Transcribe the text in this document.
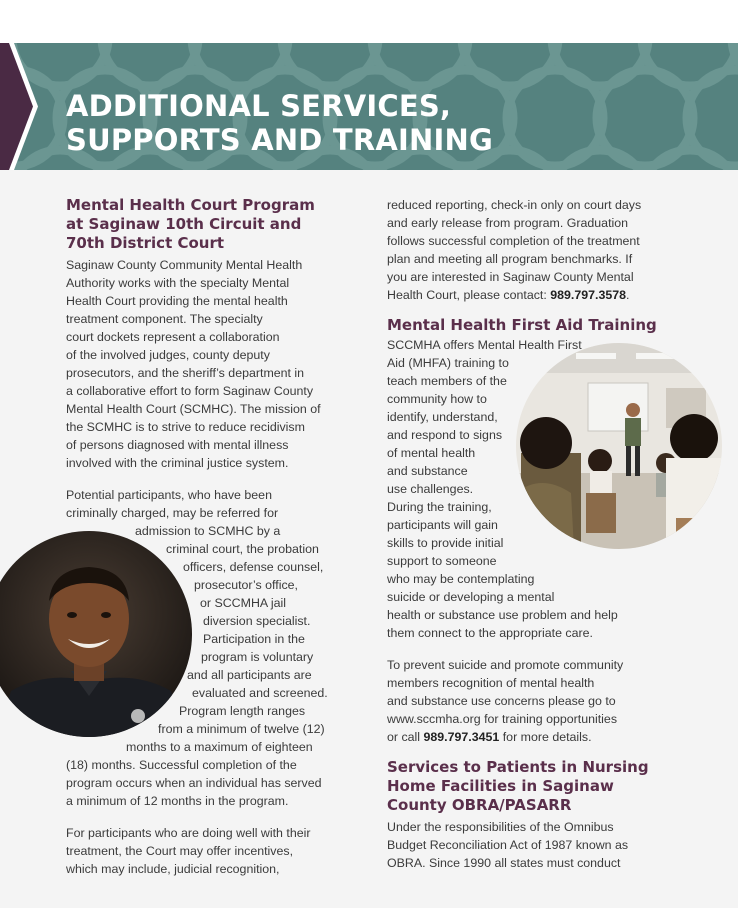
ADDITIONAL SERVICES,
SUPPORTS AND TRAINING
Mental Health Court Program
at Saginaw 10th Circuit and
70th District Court

Saginaw County Community Mental Health
Authority works with the specialty Mental
Health Court providing the mental health
treatment component. The specialty
court dockets represent a collaboration
of the involved judges, county deputy
prosecutors, and the sheriff’s department in
a collaborative effort to form Saginaw County
Mental Health Court (SCMHC). The mission of
the SCMHC is to strive to reduce recidivism
of persons diagnosed with mental illness
involved with the criminal justice system.

Potential participants, who have been
criminally charged, may be referred for
admission to SCMHC by a
criminal court, the probation
officers, defense counsel,
prosecutor’s office,
or SCCMHA jail
diversion specialist.
Participation in the
program is voluntary
and all participants are
evaluated and screened.
Program length ranges
from a minimum of twelve (12)
months to a maximum of eighteen
(18) months. Successful completion of the
program occurs when an individual has served
a minimum of 12 months in the program.

For participants who are doing well with their
treatment, the Court may offer incentives,
which may include, judicial recognition,

reduced reporting, check-in only on court days
and early release from program. Graduation
follows successful completion of the treatment
plan and meeting all program benchmarks. If
you are interested in Saginaw County Mental
Health Court, please contact: 989.797.3578.

Mental Health First Aid Training

SCCMHA offers Mental Health First
Aid (MHFA) training to
teach members of the
community how to
identify, understand,
and respond to signs
of mental health
and substance
use challenges.
During the training,
participants will gain
skills to provide initial
support to someone
who may be contemplating
suicide or developing a mental
health or substance use problem and help
them connect to the appropriate care.

To prevent suicide and promote community
members recognition of mental health
and substance use concerns please go to
www.sccmha.org for training opportunities
or call 989.797.3451 for more details.

Services to Patients in Nursing
Home Facilities in Saginaw
County OBRA/PASARR

Under the responsibilities of the Omnibus
Budget Reconciliation Act of 1987 known as
OBRA. Since 1990 all states must conduct
